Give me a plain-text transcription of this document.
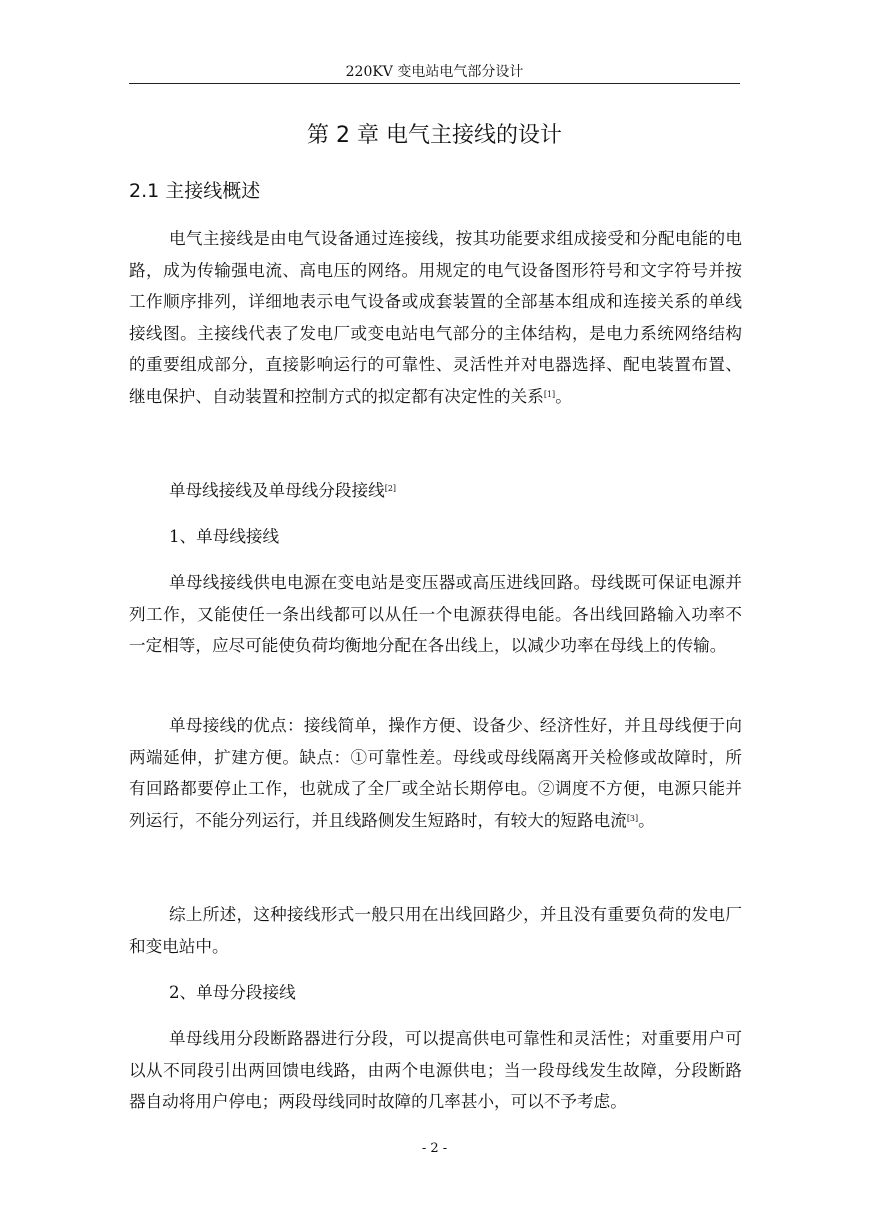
220KV 变电站电气部分设计
第 2 章 电气主接线的设计
2.1 主接线概述

电气主接线是由电气设备通过连接线，按其功能要求组成接受和分配电能的电路，成为传输强电流、高电压的网络。用规定的电气设备图形符号和文字符号并按工作顺序排列，详细地表示电气设备或成套装置的全部基本组成和连接关系的单线接线图。主接线代表了发电厂或变电站电气部分的主体结构，是电力系统网络结构的重要组成部分，直接影响运行的可靠性、灵活性并对电器选择、配电装置布置、继电保护、自动装置和控制方式的拟定都有决定性的关系[1]。

单母线接线及单母线分段接线[2]

1、单母线接线

单母线接线供电电源在变电站是变压器或高压进线回路。母线既可保证电源并列工作，又能使任一条出线都可以从任一个电源获得电能。各出线回路输入功率不一定相等，应尽可能使负荷均衡地分配在各出线上，以减少功率在母线上的传输。

单母接线的优点：接线简单，操作方便、设备少、经济性好，并且母线便于向两端延伸，扩建方便。缺点：①可靠性差。母线或母线隔离开关检修或故障时，所有回路都要停止工作，也就成了全厂或全站长期停电。②调度不方便，电源只能并列运行，不能分列运行，并且线路侧发生短路时，有较大的短路电流[3]。

综上所述，这种接线形式一般只用在出线回路少，并且没有重要负荷的发电厂和变电站中。

2、单母分段接线

单母线用分段断路器进行分段，可以提高供电可靠性和灵活性；对重要用户可以从不同段引出两回馈电线路，由两个电源供电；当一段母线发生故障，分段断路器自动将用户停电；两段母线同时故障的几率甚小，可以不予考虑。

- 2 -
